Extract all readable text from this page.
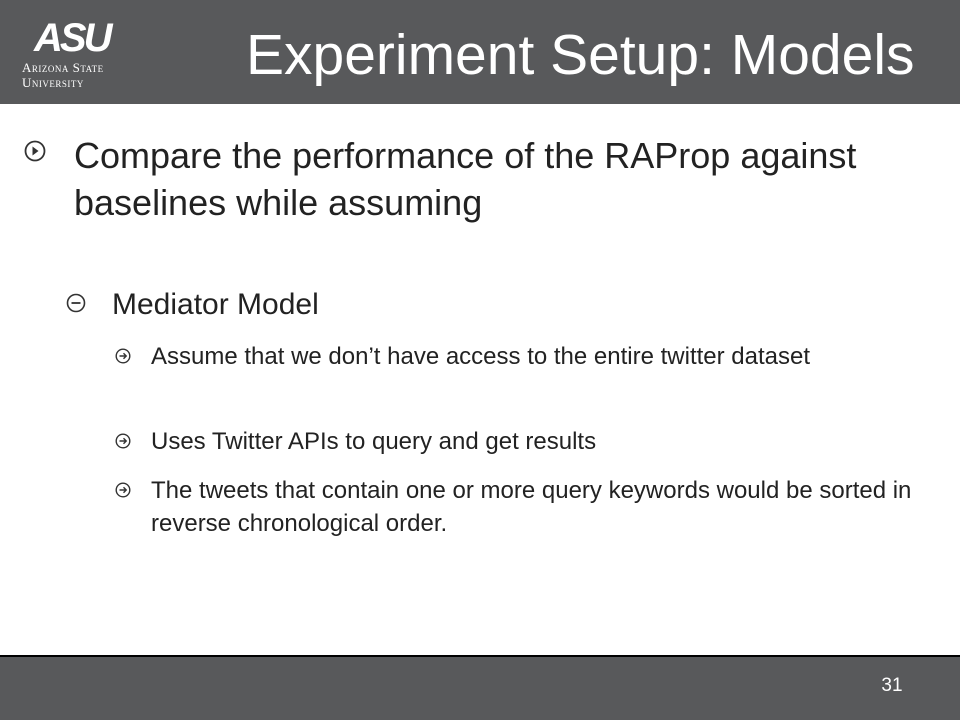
ASU
Arizona State
University	Experiment Setup: Models
Compare the performance of the RAProp against baselines while assuming
Mediator Model
Assume that we don’t have access to the entire twitter dataset
Uses Twitter APIs to query and get results
The tweets that contain one or more query keywords would be sorted in reverse chronological order.
31
